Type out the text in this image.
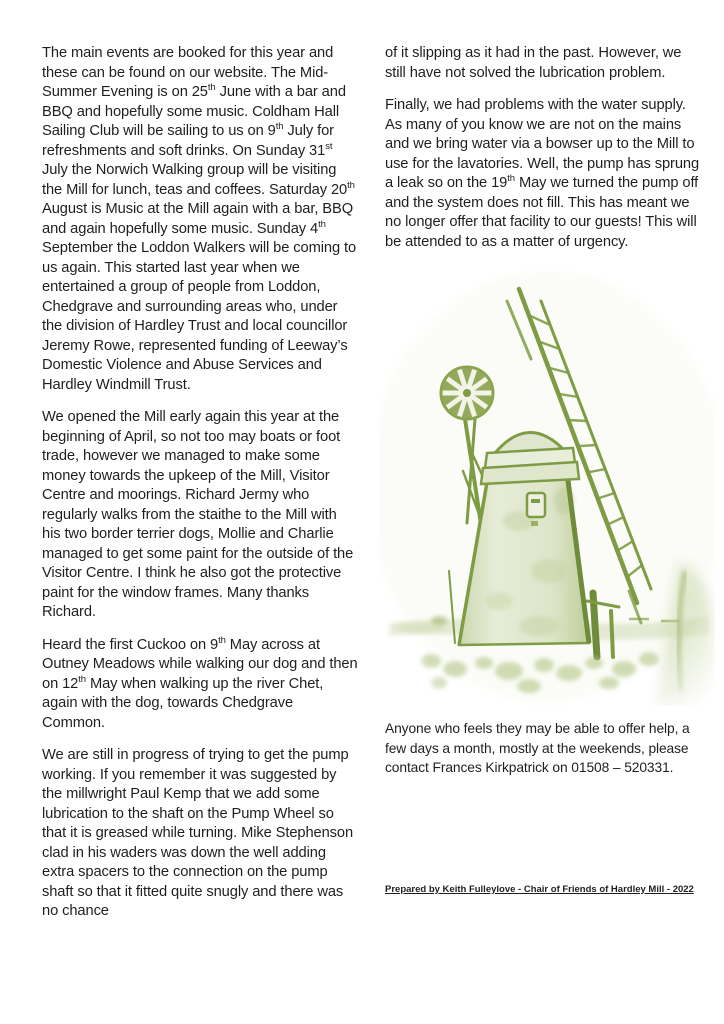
The main events are booked for this year and these can be found on our website. The Mid-Summer Evening is on 25th June with a bar and BBQ and hopefully some music. Coldham Hall Sailing Club will be sailing to us on 9th July for refreshments and soft drinks. On Sunday 31st July the Norwich Walking group will be visiting the Mill for lunch, teas and coffees. Saturday 20th August is Music at the Mill again with a bar, BBQ and again hopefully some music. Sunday 4th September the Loddon Walkers will be coming to us again. This started last year when we entertained a group of people from Loddon, Chedgrave and surrounding areas who, under the division of Hardley Trust and local councillor Jeremy Rowe, represented funding of Leeway’s Domestic Violence and Abuse Services and Hardley Windmill Trust.

We opened the Mill early again this year at the beginning of April, so not too may boats or foot trade, however we managed to make some money towards the upkeep of the Mill, Visitor Centre and moorings. Richard Jermy who regularly walks from the staithe to the Mill with his two border terrier dogs, Mollie and Charlie managed to get some paint for the outside of the Visitor Centre. I think he also got the protective paint for the window frames. Many thanks Richard.

Heard the first Cuckoo on 9th May across at Outney Meadows while walking our dog and then on 12th May when walking up the river Chet, again with the dog, towards Chedgrave Common.

We are still in progress of trying to get the pump working. If you remember it was suggested by the millwright Paul Kemp that we add some lubrication to the shaft on the Pump Wheel so that it is greased while turning. Mike Stephenson clad in his waders was down the well adding extra spacers to the connection on the pump shaft so that it fitted quite snugly and there was no chance

of it slipping as it had in the past. However, we still have not solved the lubrication problem.

Finally, we had problems with the water supply. As many of you know we are not on the mains and we bring water via a bowser up to the Mill to use for the lavatories. Well, the pump has sprung a leak so on the 19th May we turned the pump off and the system does not fill. This has meant we no longer offer that facility to our guests! This will be attended to as a matter of urgency.

Anyone who feels they may be able to offer help, a few days a month, mostly at the weekends, please contact Frances Kirkpatrick on 01508 – 520331.

Prepared by Keith Fulleylove - Chair of Friends of Hardley Mill - 2022
